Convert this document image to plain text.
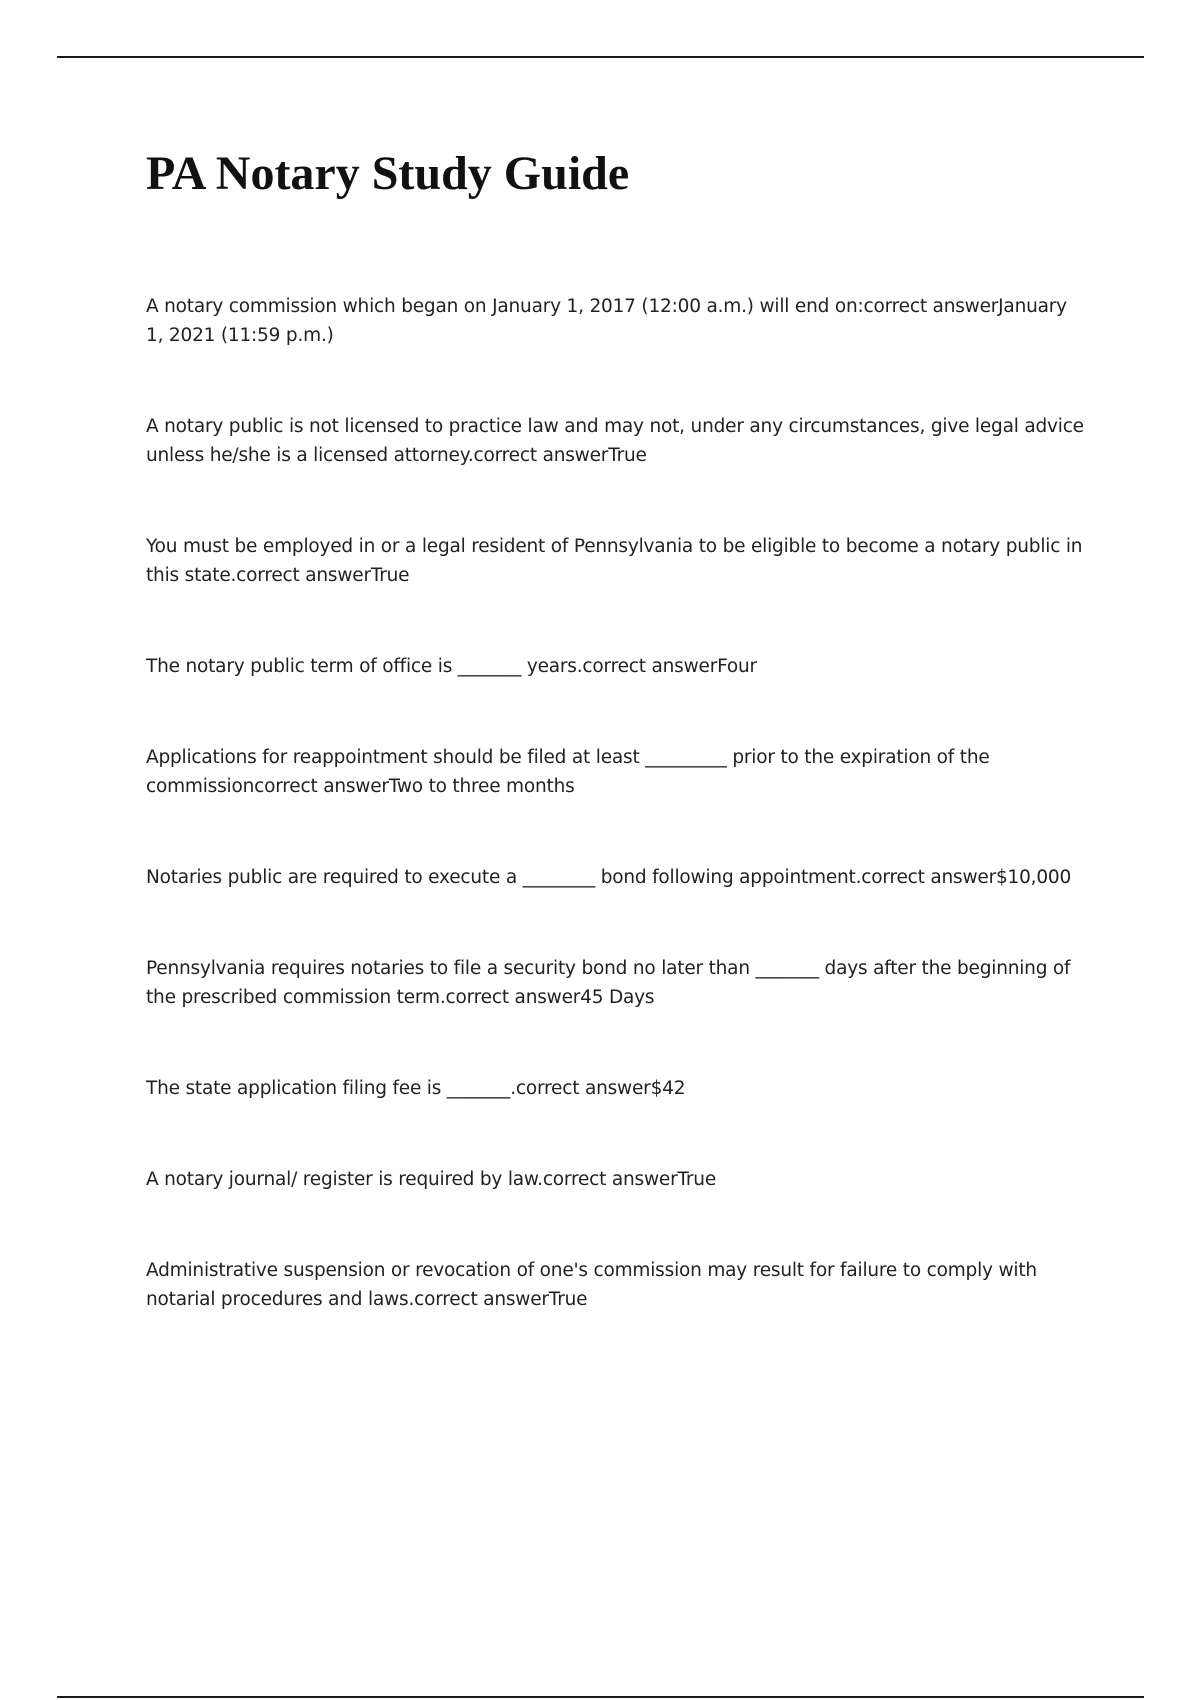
PA Notary Study Guide
A notary commission which began on January 1, 2017 (12:00 a.m.) will end on:correct answerJanuary 1, 2021 (11:59 p.m.)
A notary public is not licensed to practice law and may not, under any circumstances, give legal advice unless he/she is a licensed attorney.correct answerTrue
You must be employed in or a legal resident of Pennsylvania to be eligible to become a notary public in this state.correct answerTrue
The notary public term of office is _______ years.correct answerFour
Applications for reappointment should be filed at least _________ prior to the expiration of the commissioncorrect answerTwo to three months
Notaries public are required to execute a ________ bond following appointment.correct answer$10,000
Pennsylvania requires notaries to file a security bond no later than _______ days after the beginning of the prescribed commission term.correct answer45 Days
The state application filing fee is _______.correct answer$42
A notary journal/ register is required by law.correct answerTrue
Administrative suspension or revocation of one's commission may result for failure to comply with notarial procedures and laws.correct answerTrue
